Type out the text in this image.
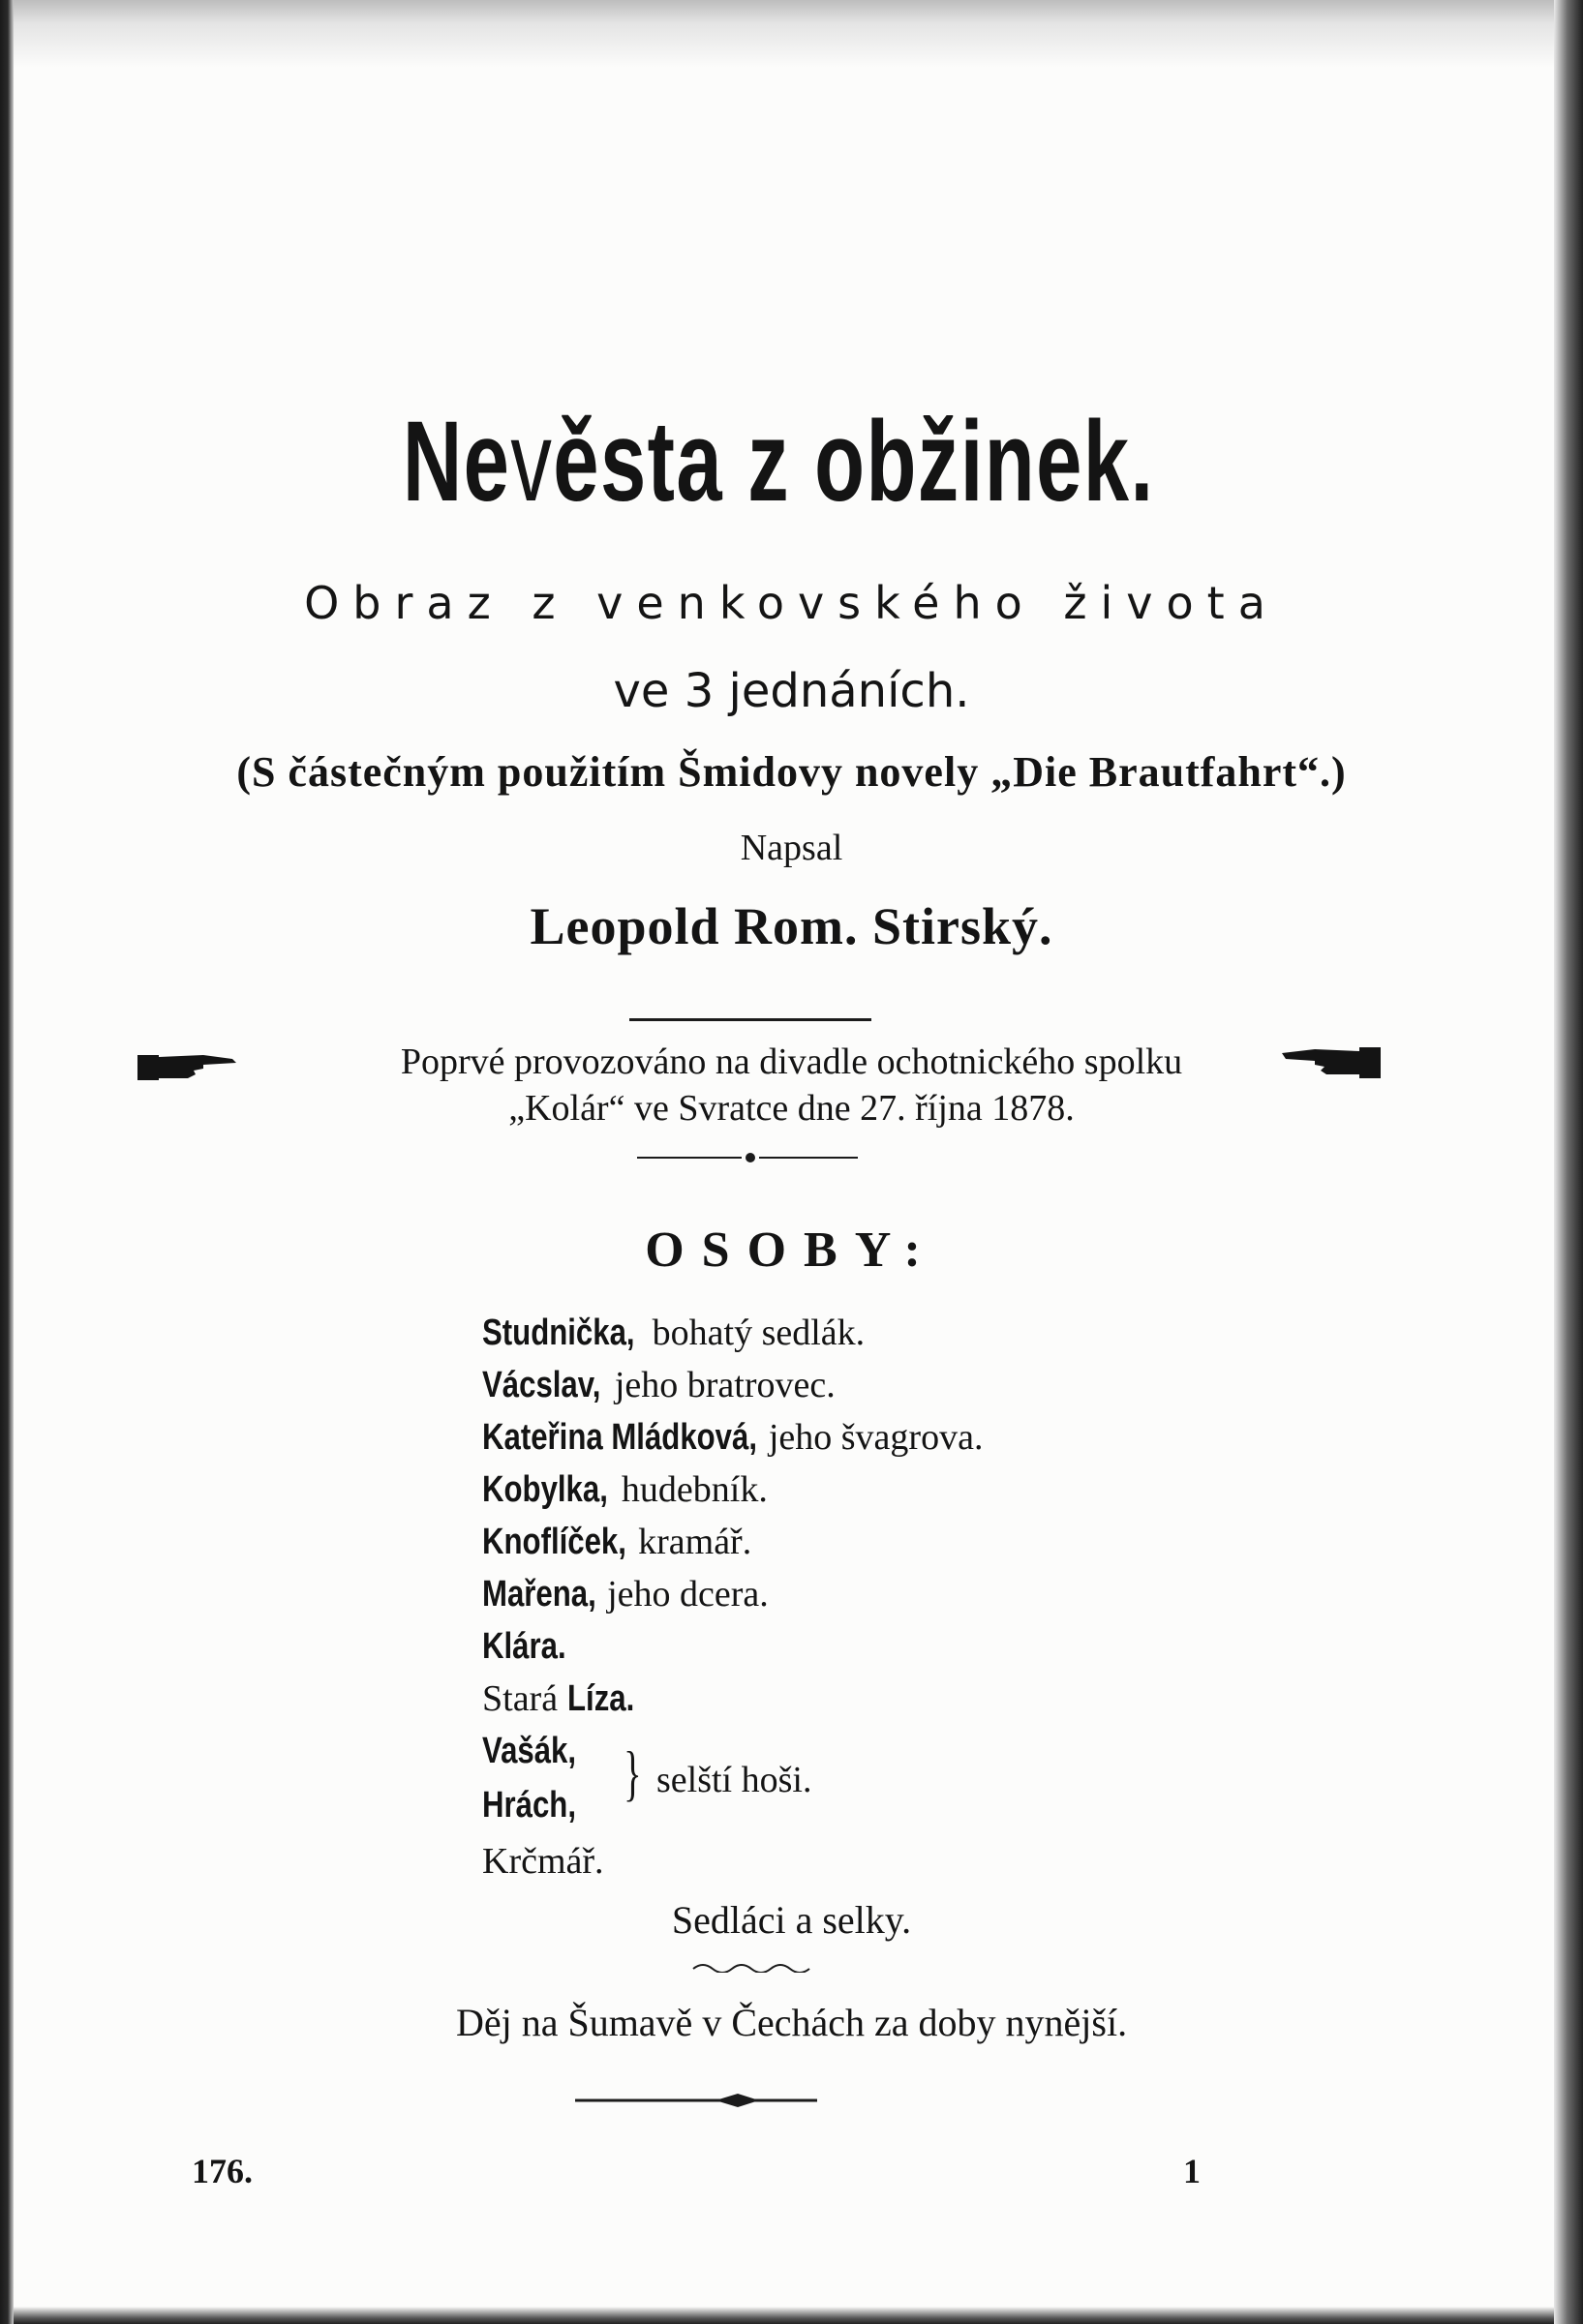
Nevěsta z obžinek.
Obraz z venkovského života
ve 3 jednáních.
(S částečným použitím Šmidovy novely „Die Brautfahrt“.)
Napsal
Leopold Rom. Stirský.
Poprvé provozováno na divadle ochotnického spolku
„Kolár“ ve Svratce dne 27. října 1878.
OSOBY:
Studnička, bohatý sedlák.
Vácslav, jeho bratrovec.
Kateřina Mládková, jeho švagrova.
Kobylka, hudebník.
Knoflíček, kramář.
Mařena, jeho dcera.
Klára.
Stará Líza.
Vašák,
Hrách, } selští hoši.
Krčmář.
Sedláci a selky.
Děj na Šumavě v Čechách za doby nynější.
176.	1
